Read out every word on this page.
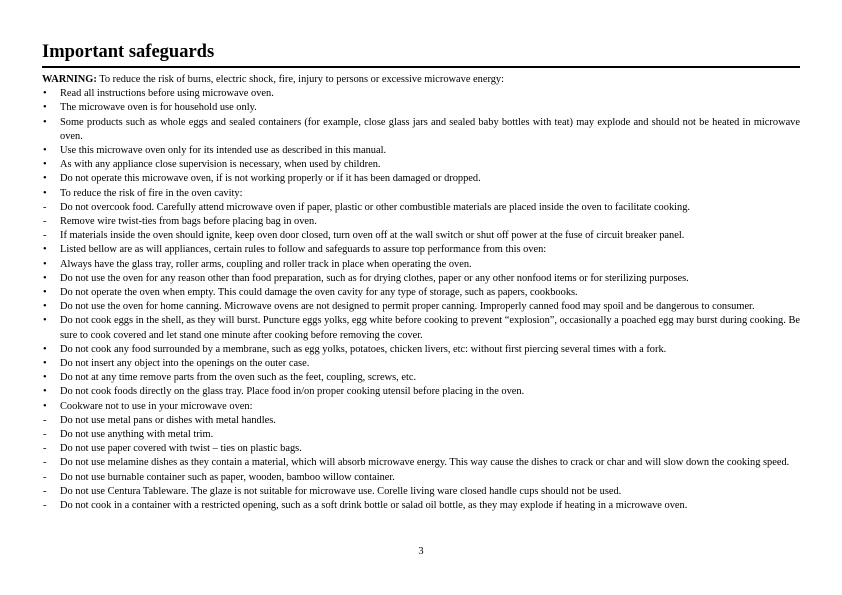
Important safeguards
WARNING: To reduce the risk of burns, electric shock, fire, injury to persons or excessive microwave energy:
•	Read all instructions before using microwave oven.
•	The microwave oven is for household use only.
•	Some products such as whole eggs and sealed containers (for example, close glass jars and sealed baby bottles with teat) may explode and should not be heated in microwave oven.
•	Use this microwave oven only for its intended use as described in this manual.
•	As with any appliance close supervision is necessary, when used by children.
•	Do not operate this microwave oven, if is not working properly or if it has been damaged or dropped.
•	To reduce the risk of fire in the oven cavity:
-	Do not overcook food. Carefully attend microwave oven if paper, plastic or other combustible materials are placed inside the oven to facilitate cooking.
-	Remove wire twist-ties from bags before placing bag in oven.
-	If materials inside the oven should ignite, keep oven door closed, turn oven off at the wall switch or shut off power at the fuse of circuit breaker panel.
•	Listed bellow are as will appliances, certain rules to follow and safeguards to assure top performance from this oven:
•	Always have the glass tray, roller arms, coupling and roller track in place when operating the oven.
•	Do not use the oven for any reason other than food preparation, such as for drying clothes, paper or any other nonfood items or for sterilizing purposes.
•	Do not operate the oven when empty. This could damage the oven cavity for any type of storage, such as papers, cookbooks.
•	Do not use the oven for home canning. Microwave ovens are not designed to permit proper canning. Improperly canned food may spoil and be dangerous to consumer.
•	Do not cook eggs in the shell, as they will burst. Puncture eggs yolks, egg white before cooking to prevent “explosion”, occasionally a poached egg may burst during cooking. Be sure to cook covered and let stand one minute after cooking before removing the cover.
•	Do not cook any food surrounded by a membrane, such as egg yolks, potatoes, chicken livers, etc: without first piercing several times with a fork.
•	Do not insert any object into the openings on the outer case.
•	Do not at any time remove parts from the oven such as the feet, coupling, screws, etc.
•	Do not cook foods directly on the glass tray. Place food in/on proper cooking utensil before placing in the oven.
•	Cookware not to use in your microwave oven:
-	Do not use metal pans or dishes with metal handles.
-	Do not use anything with metal trim.
-	Do not use paper covered with twist – ties on plastic bags.
-	Do not use melamine dishes as they contain a material, which will absorb microwave energy. This way cause the dishes to crack or char and will slow down the cooking speed.
-	Do not use burnable container such as paper, wooden, bamboo willow container.
-	Do not use Centura Tableware. The glaze is not suitable for microwave use. Corelle living ware closed handle cups should not be used.
-	Do not cook in a container with a restricted opening, such as a soft drink bottle or salad oil bottle, as they may explode if heating in a microwave oven.
3
